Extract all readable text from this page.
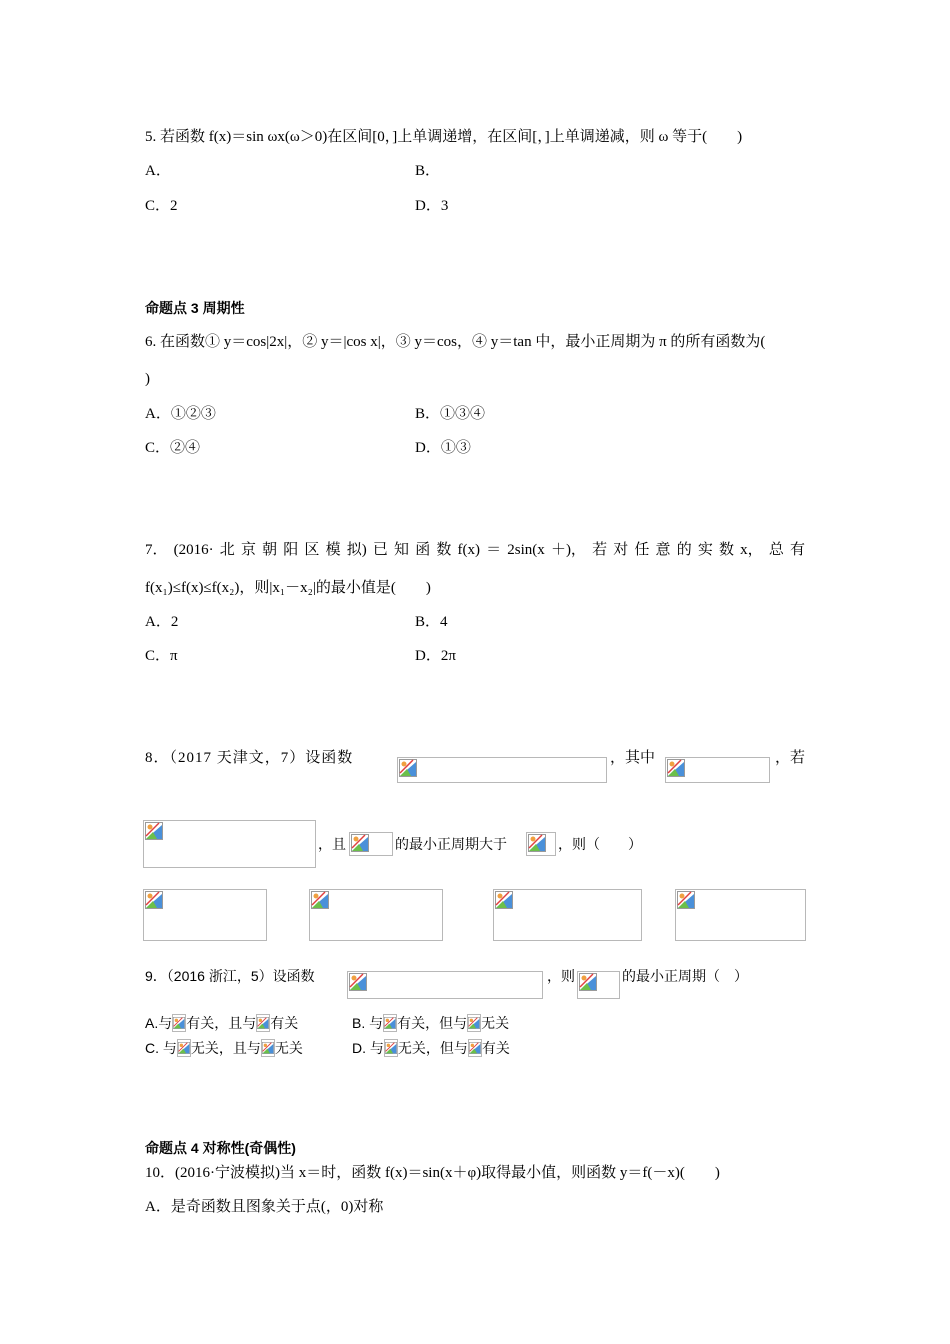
5. 若函数 f(x)＝sin ωx(ω＞0)在区间[0，]上单调递增，在区间[，]上单调递减，则 ω 等于(　　)
A．	B．
C．2	D．3
命题点 3 周期性
6. 在函数① y＝cos|2x|，② y＝|cos x|，③ y＝cos，④ y＝tan 中，最小正周期为 π 的所有函数为(
)
A．①②③	B．①③④
C．②④	D．①③
7． (2016· 北 京 朝 阳 区 模 拟) 已 知 函 数 f(x) ＝ 2sin(x ＋)， 若 对 任 意 的 实 数 x， 总 有
f(x₁)≤f(x)≤f(x₂)，则|x₁－x₂|的最小值是(　　)
A．2	B．4
C．π	D．2π
8．（2017 天津文，7）设函数	，其中	，若
，且	的最小正周期大于	，则（　　）
9．（2016 浙江，5）设函数	，则	的最小正周期（　）
A.与 有关，且与 有关	B. 与 有关，但与 无关
C. 与 无关，且与 无关	D. 与 无关，但与 有关
命题点 4 对称性(奇偶性)
10．(2016·宁波模拟)当 x＝时，函数 f(x)＝sin(x＋φ)取得最小值，则函数 y＝f(－x)(　　)
A．是奇函数且图象关于点(，0)对称
